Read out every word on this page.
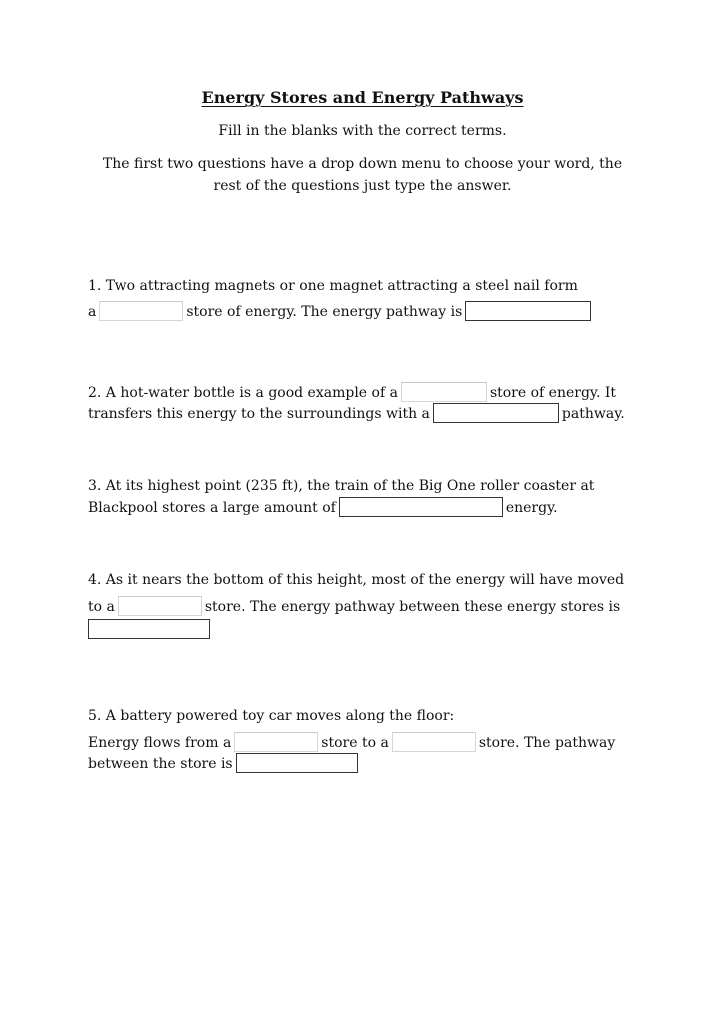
Energy Stores and Energy Pathways
Fill in the blanks with the correct terms.
The first two questions have a drop down menu to choose your word, the
rest of the questions just type the answer.
1. Two attracting magnets or one magnet attracting a steel nail form
a	store of energy. The energy pathway is
2. A hot-water bottle is a good example of a	store of energy. It
transfers this energy to the surroundings with a	pathway.
3. At its highest point (235 ft), the train of the Big One roller coaster at
Blackpool stores a large amount of	energy.
4. As it nears the bottom of this height, most of the energy will have moved
to a	store. The energy pathway between these energy stores is
5. A battery powered toy car moves along the floor:
Energy flows from a	store to a	store. The pathway
between the store is
